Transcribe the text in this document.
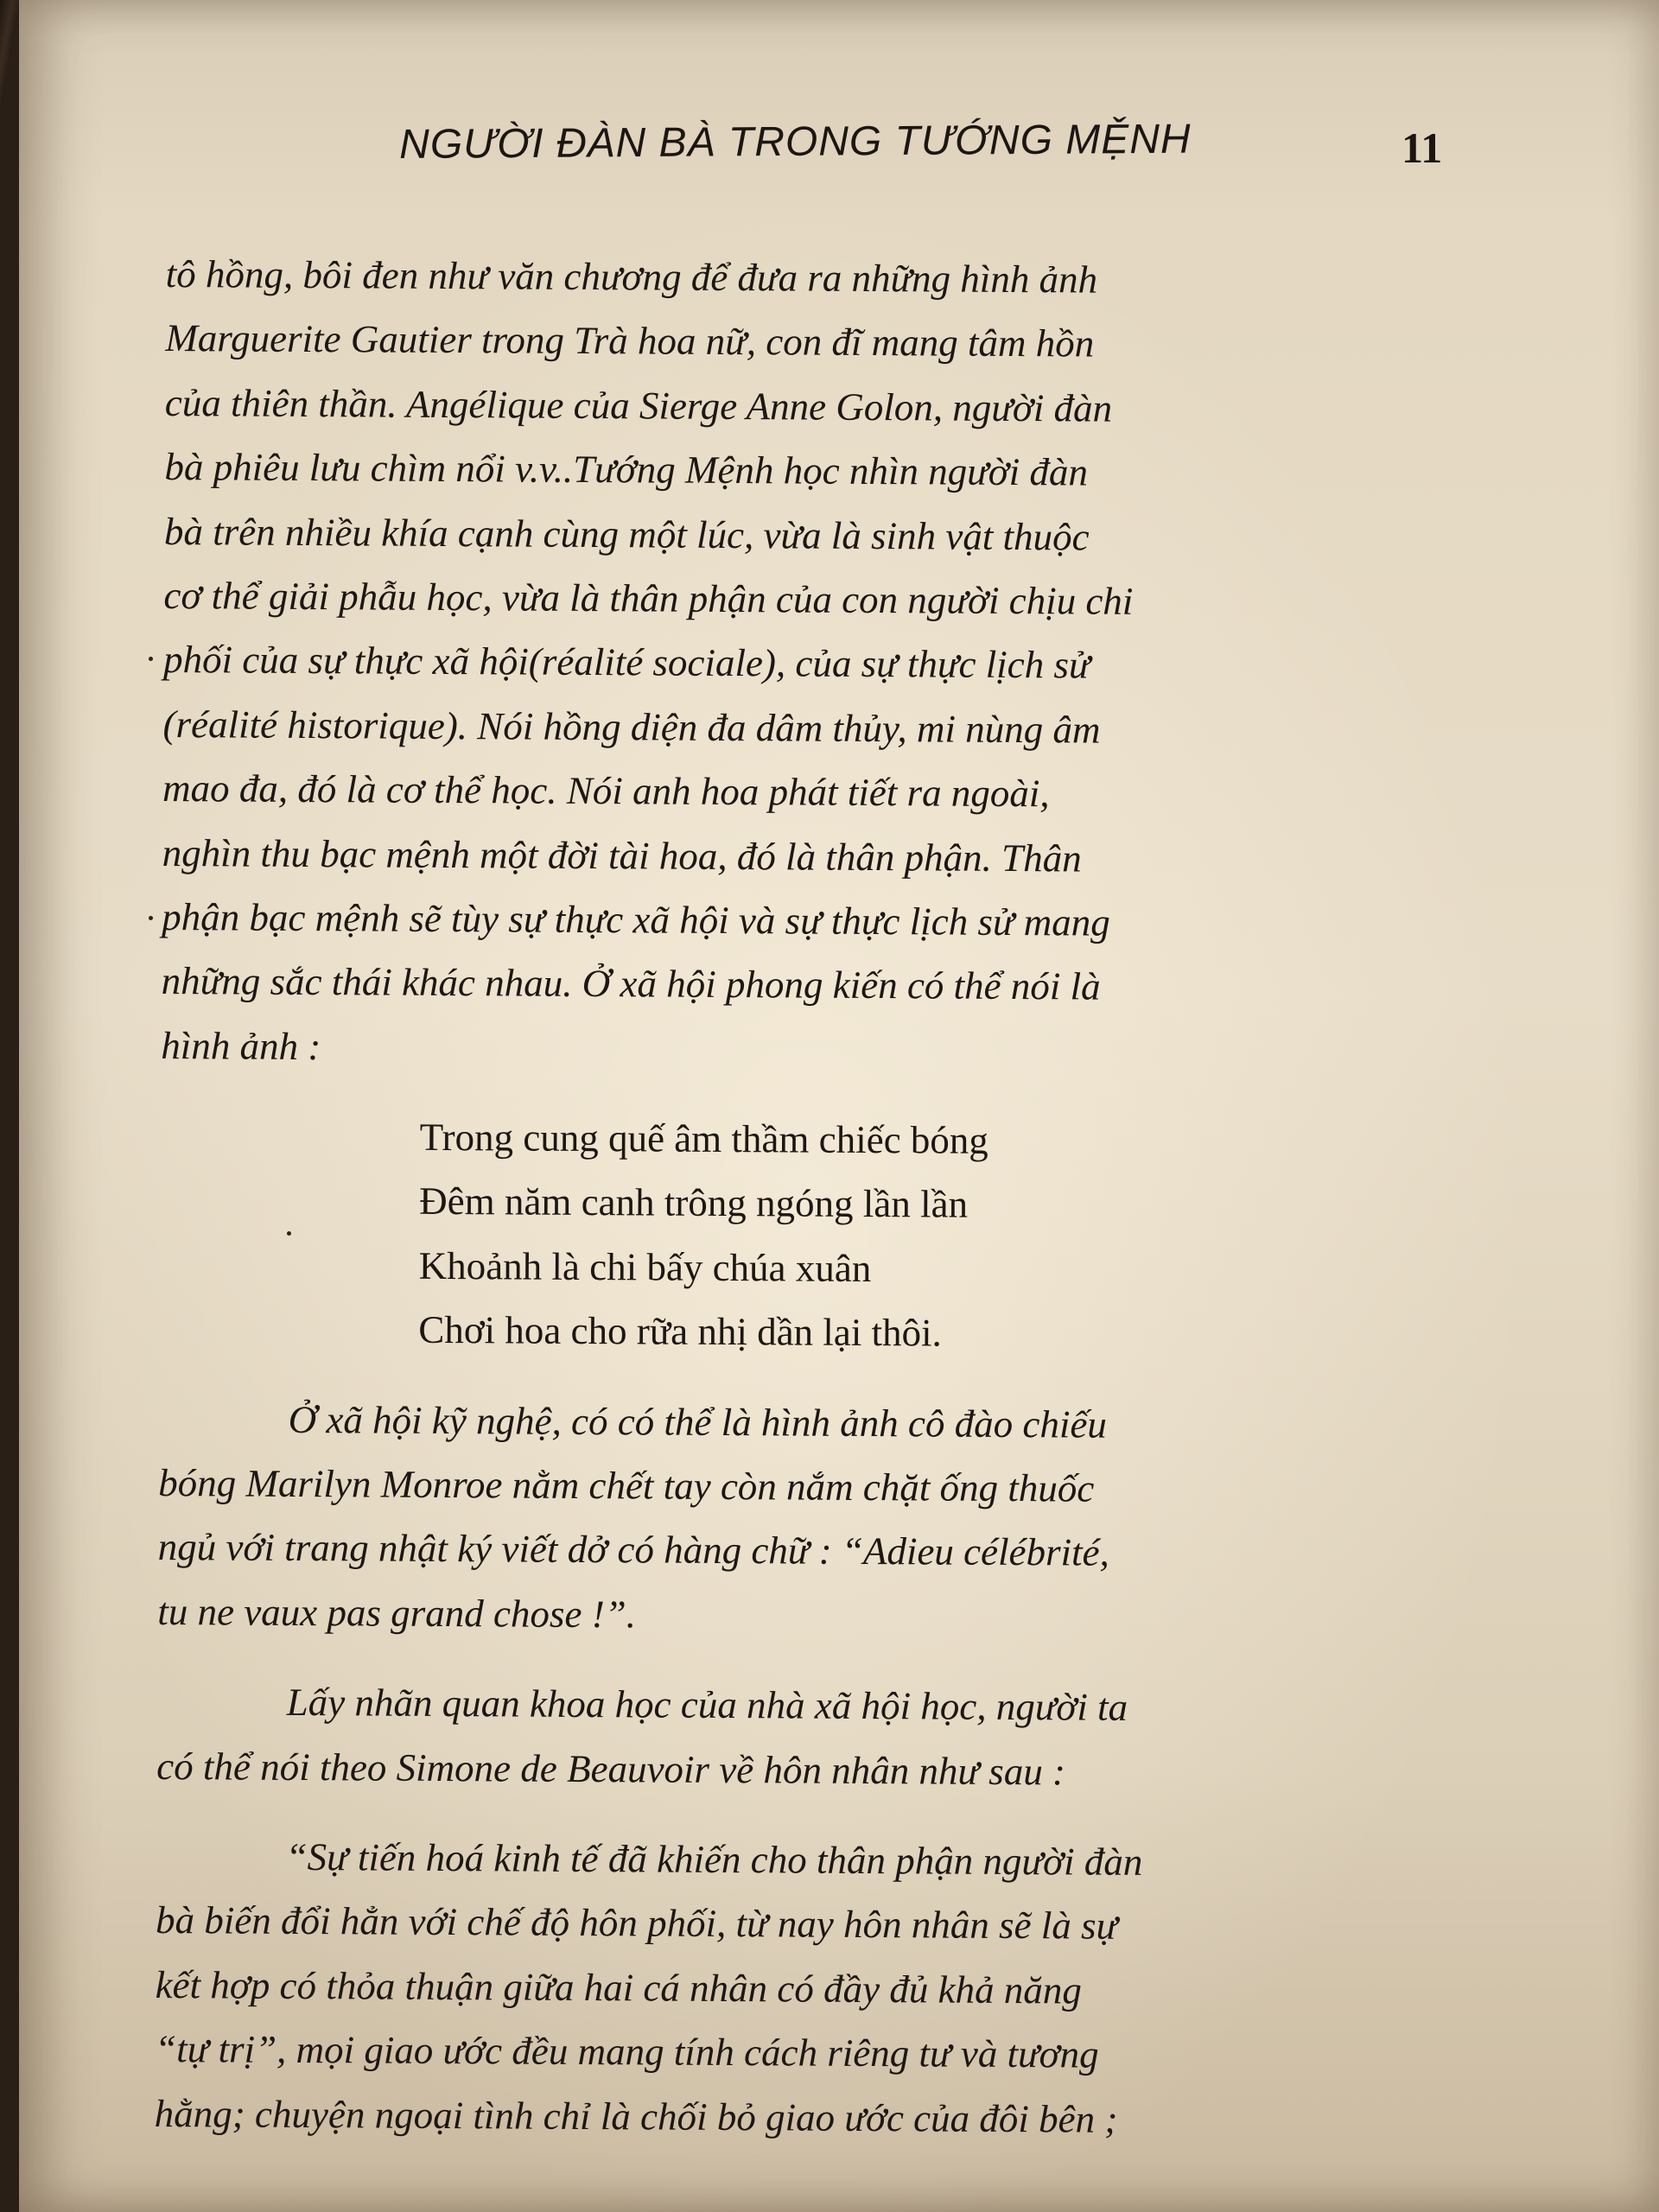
NGƯỜI ĐÀN BÀ TRONG TƯỚNG MỆNH	11
tô hồng, bôi đen như văn chương để đưa ra những hình ảnh
Marguerite Gautier trong Trà hoa nữ, con đĩ mang tâm hồn
của thiên thần. Angélique của Sierge Anne Golon, người đàn
bà phiêu lưu chìm nổi v.v..Tướng Mệnh học nhìn người đàn
bà trên nhiều khía cạnh cùng một lúc, vừa là sinh vật thuộc
cơ thể giải phẫu học, vừa là thân phận của con người chịu chi
phối của sự thực xã hội(réalité sociale), của sự thực lịch sử
(réalité historique). Nói hồng diện đa dâm thủy, mi nùng âm
mao đa, đó là cơ thể học. Nói anh hoa phát tiết ra ngoài,
nghìn thu bạc mệnh một đời tài hoa, đó là thân phận. Thân
phận bạc mệnh sẽ tùy sự thực xã hội và sự thực lịch sử mang
những sắc thái khác nhau. Ở xã hội phong kiến có thể nói là
hình ảnh :
Trong cung quế âm thầm chiếc bóng
Đêm năm canh trông ngóng lần lần
Khoảnh là chi bấy chúa xuân
Chơi hoa cho rữa nhị dần lại thôi.
Ở xã hội kỹ nghệ, có có thể là hình ảnh cô đào chiếu
bóng Marilyn Monroe nằm chết tay còn nắm chặt ống thuốc
ngủ với trang nhật ký viết dở có hàng chữ : “Adieu célébrité,
tu ne vaux pas grand chose !”.
Lấy nhãn quan khoa học của nhà xã hội học, người ta
có thể nói theo Simone de Beauvoir về hôn nhân như sau :
“Sự tiến hoá kinh tế đã khiến cho thân phận người đàn
bà biến đổi hẳn với chế độ hôn phối, từ nay hôn nhân sẽ là sự
kết hợp có thỏa thuận giữa hai cá nhân có đầy đủ khả năng
“tự trị”, mọi giao ước đều mang tính cách riêng tư và tương
hằng; chuyện ngoại tình chỉ là chối bỏ giao ước của đôi bên ;
